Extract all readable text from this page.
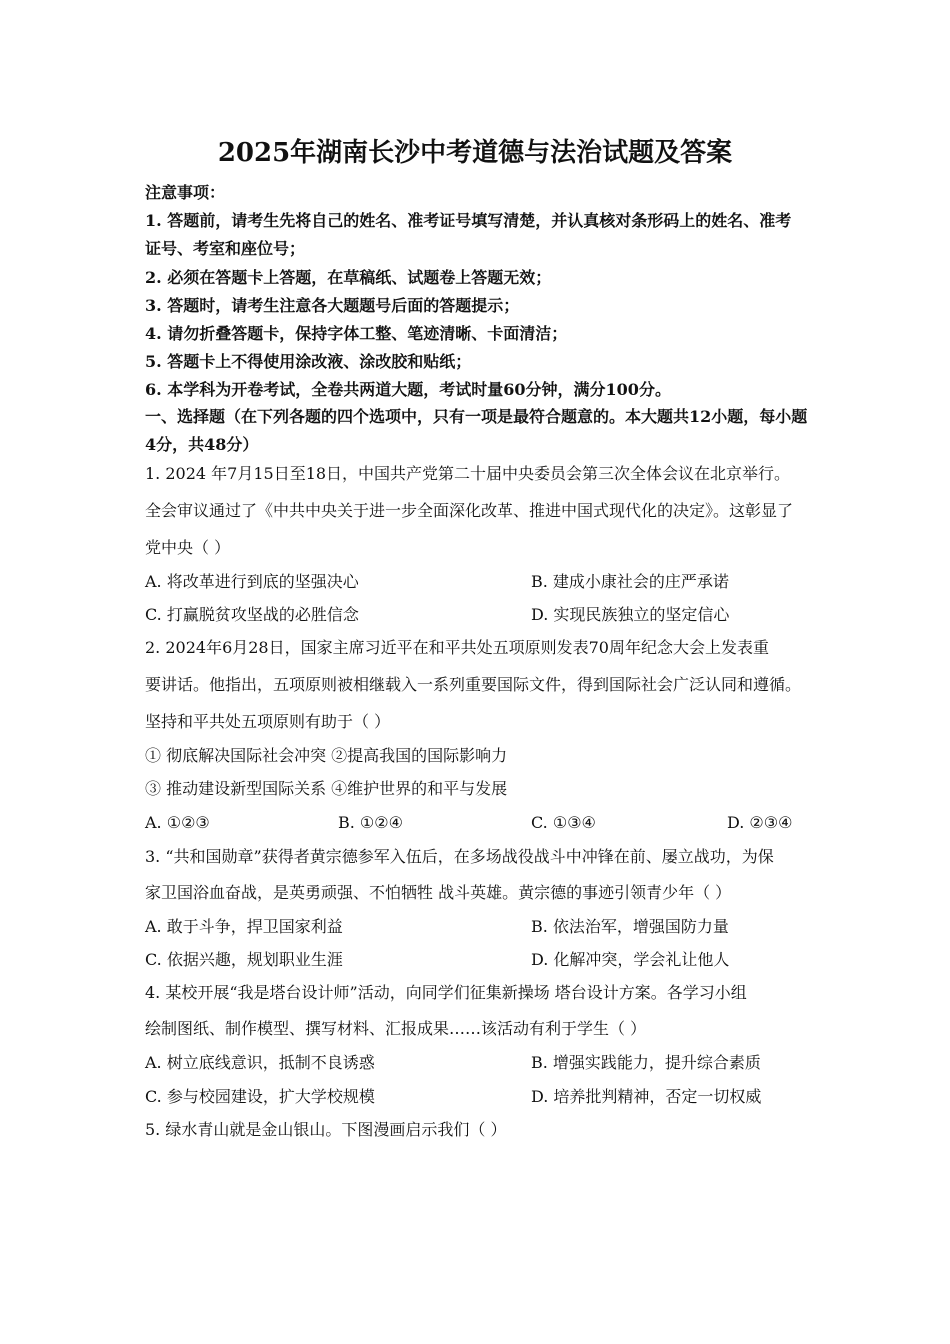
2025年湖南长沙中考道德与法治试题及答案
注意事项：
1. 答题前，请考生先将自己的姓名、准考证号填写清楚，并认真核对条形码上的姓名、准考
证号、考室和座位号；
2. 必须在答题卡上答题，在草稿纸、试题卷上答题无效；
3. 答题时，请考生注意各大题题号后面的答题提示；
4. 请勿折叠答题卡，保持字体工整、笔迹清晰、卡面清洁；
5. 答题卡上不得使用涂改液、涂改胶和贴纸；
6. 本学科为开卷考试，全卷共两道大题，考试时量60分钟，满分100分。
一、选择题（在下列各题的四个选项中，只有一项是最符合题意的。本大题共12小题，每小题
4分，共48分）
1. 2024 年7月15日至18日，中国共产党第二十届中央委员会第三次全体会议在北京举行。
全会审议通过了《中共中央关于进一步全面深化改革、推进中国式现代化的决定》。这彰显了
党中央（ ）
A. 将改革进行到底的坚强决心	B. 建成小康社会的庄严承诺
C. 打赢脱贫攻坚战的必胜信念	D. 实现民族独立的坚定信心
2. 2024年6月28日，国家主席习近平在和平共处五项原则发表70周年纪念大会上发表重
要讲话。他指出，五项原则被相继载入一系列重要国际文件，得到国际社会广泛认同和遵循。
坚持和平共处五项原则有助于（ ）
① 彻底解决国际社会冲突 ②提高我国的国际影响力
③ 推动建设新型国际关系 ④维护世界的和平与发展
A. ①②③	B. ①②④	C. ①③④	D. ②③④
3. “共和国勋章”获得者黄宗德参军入伍后，在多场战役战斗中冲锋在前、屡立战功，为保
家卫国浴血奋战，是英勇顽强、不怕牺牲 战斗英雄。黄宗德的事迹引领青少年（ ）
A. 敢于斗争，捍卫国家利益	B. 依法治军，增强国防力量
C. 依据兴趣，规划职业生涯	D. 化解冲突，学会礼让他人
4. 某校开展“我是塔台设计师”活动，向同学们征集新操场 塔台设计方案。各学习小组
绘制图纸、制作模型、撰写材料、汇报成果……该活动有利于学生（ ）
A. 树立底线意识，抵制不良诱惑	B. 增强实践能力，提升综合素质
C. 参与校园建设，扩大学校规模	D. 培养批判精神，否定一切权威
5. 绿水青山就是金山银山。下图漫画启示我们（ ）
